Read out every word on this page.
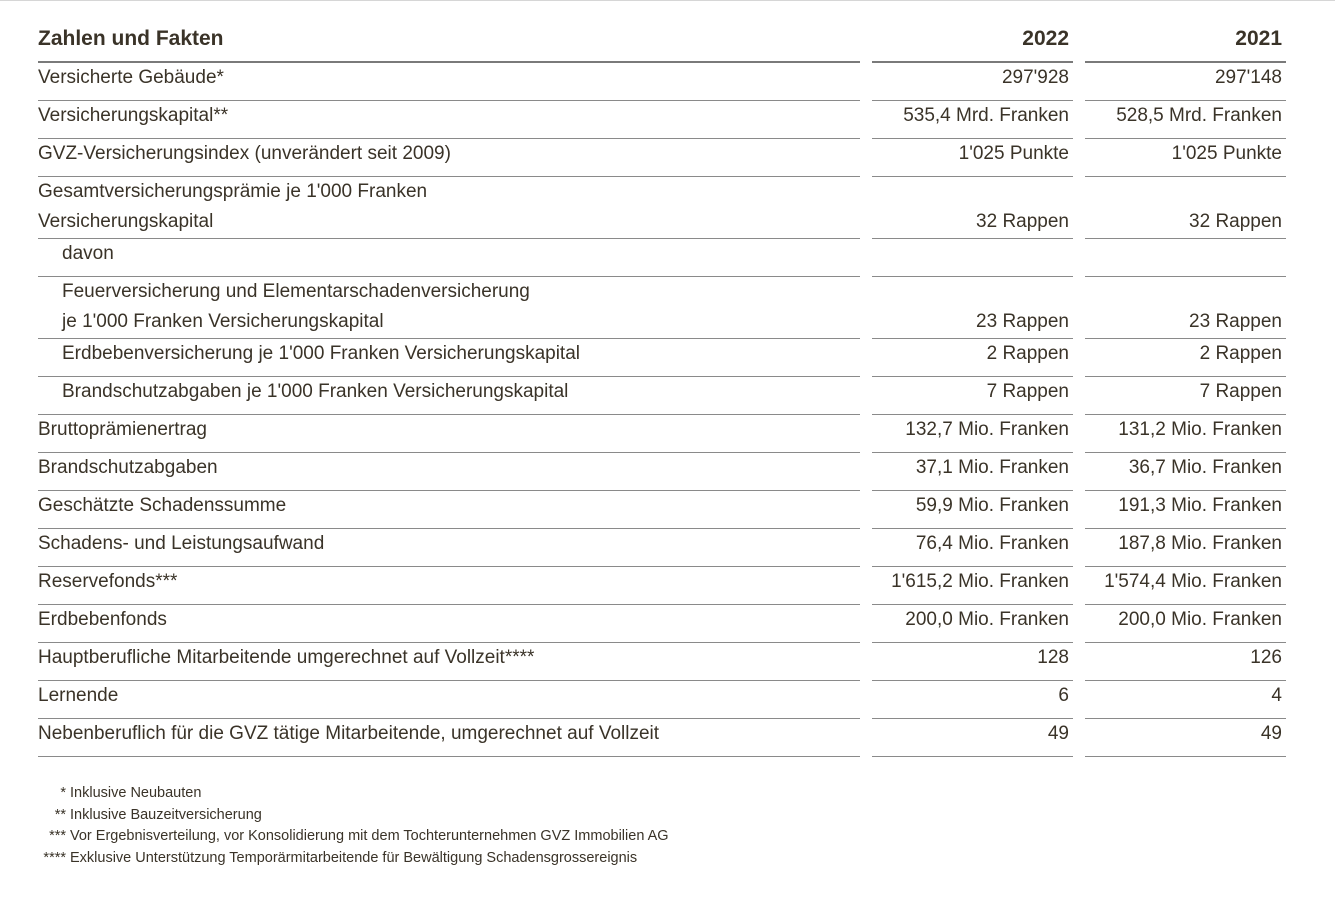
Zahlen und Fakten	2022	2021
Versicherte Gebäude*	297'928	297'148
Versicherungskapital**	535,4 Mrd. Franken	528,5 Mrd. Franken
GVZ-Versicherungsindex (unverändert seit 2009)	1'025 Punkte	1'025 Punkte
Gesamtversicherungsprämie je 1'000 Franken
Versicherungskapital	32 Rappen	32 Rappen
davon
Feuerversicherung und Elementarschadenversicherung
je 1'000 Franken Versicherungskapital	23 Rappen	23 Rappen
Erdbebenversicherung je 1'000 Franken Versicherungskapital	2 Rappen	2 Rappen
Brandschutzabgaben je 1'000 Franken Versicherungskapital	7 Rappen	7 Rappen
Bruttoprämienertrag	132,7 Mio. Franken	131,2 Mio. Franken
Brandschutzabgaben	37,1 Mio. Franken	36,7 Mio. Franken
Geschätzte Schadenssumme	59,9 Mio. Franken	191,3 Mio. Franken
Schadens- und Leistungsaufwand	76,4 Mio. Franken	187,8 Mio. Franken
Reservefonds***	1'615,2 Mio. Franken	1'574,4 Mio. Franken
Erdbebenfonds	200,0 Mio. Franken	200,0 Mio. Franken
Hauptberufliche Mitarbeitende umgerechnet auf Vollzeit****	128	126
Lernende	6	4
Nebenberuflich für die GVZ tätige Mitarbeitende, umgerechnet auf Vollzeit	49	49
* Inklusive Neubauten
** Inklusive Bauzeitversicherung
*** Vor Ergebnisverteilung, vor Konsolidierung mit dem Tochterunternehmen GVZ Immobilien AG
**** Exklusive Unterstützung Temporärmitarbeitende für Bewältigung Schadensgrossereignis
